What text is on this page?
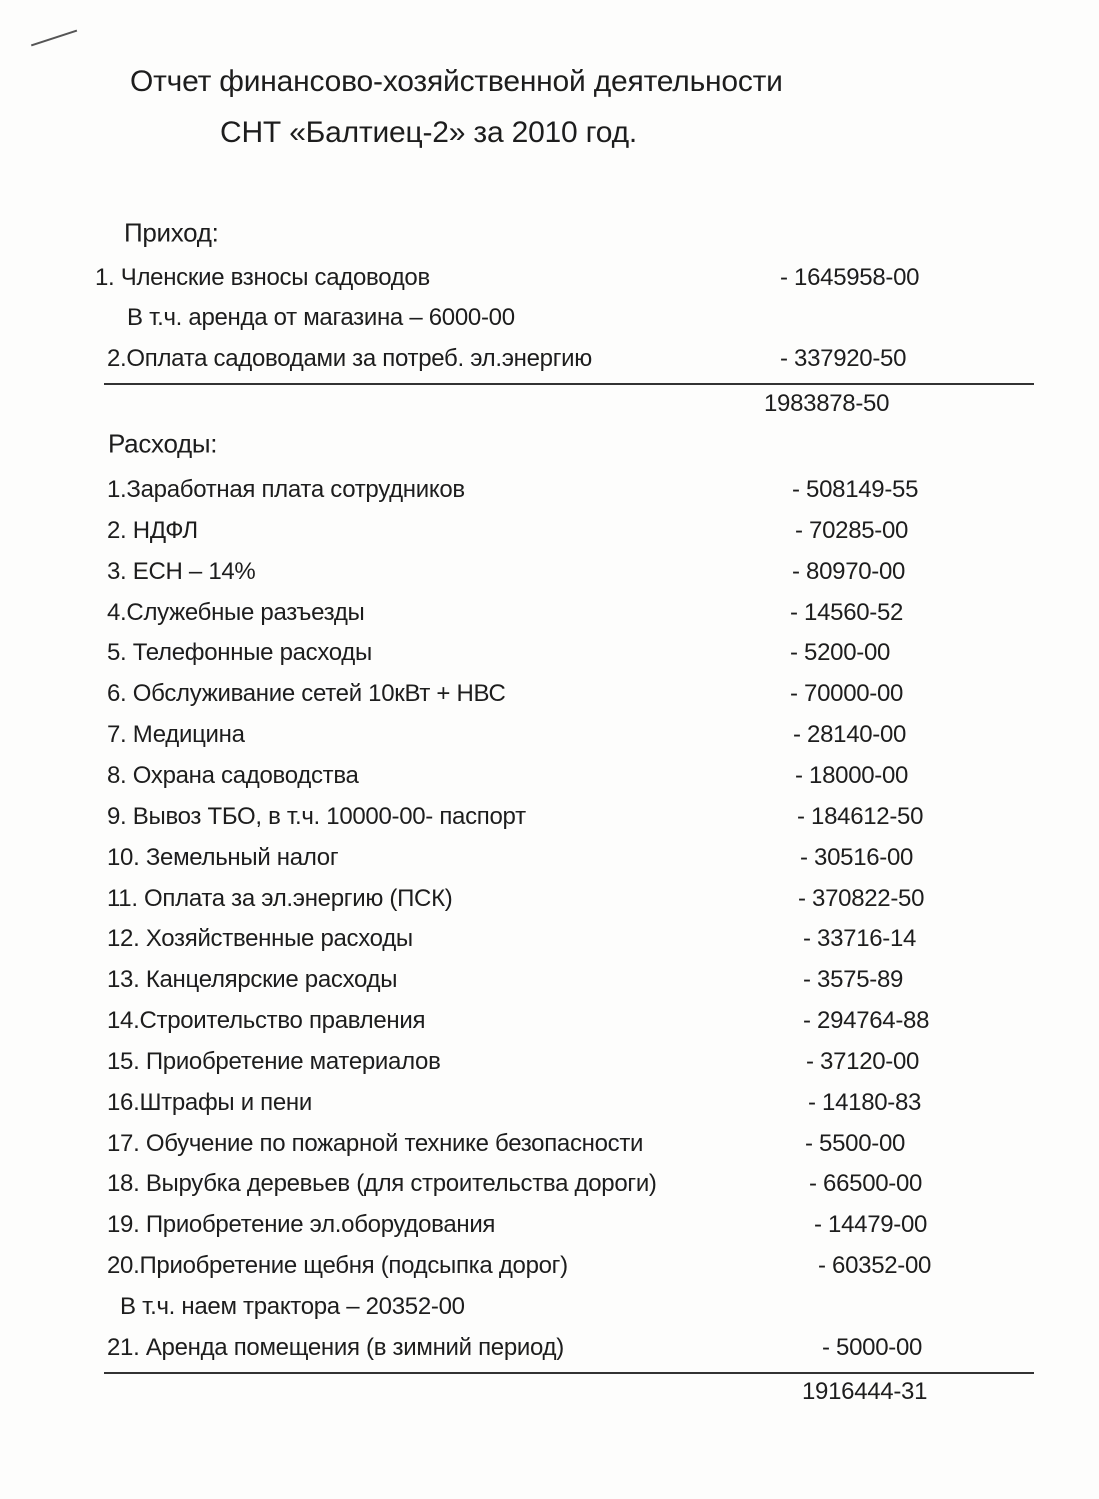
Отчет финансово-хозяйственной деятельности
СНТ «Балтиец-2» за 2010 год.
Приход:
1. Членские взносы садоводов	- 1645958-00
В т.ч. аренда от магазина – 6000-00
2.Оплата садоводами за потреб. эл.энергию	- 337920-50
1983878-50
Расходы:
1.Заработная плата сотрудников	- 508149-55
2. НДФЛ	- 70285-00
3. ЕСН – 14%	- 80970-00
4.Служебные разъезды	- 14560-52
5. Телефонные расходы	- 5200-00
6. Обслуживание сетей 10кВт + НВС	- 70000-00
7. Медицина	- 28140-00
8. Охрана садоводства	- 18000-00
9. Вывоз ТБО, в т.ч. 10000-00- паспорт	- 184612-50
10. Земельный налог	- 30516-00
11. Оплата за эл.энергию (ПСК)	- 370822-50
12. Хозяйственные расходы	- 33716-14
13. Канцелярские расходы	- 3575-89
14.Строительство правления	- 294764-88
15. Приобретение материалов	- 37120-00
16.Штрафы и пени	- 14180-83
17. Обучение по пожарной технике безопасности	- 5500-00
18. Вырубка деревьев (для строительства дороги)	- 66500-00
19. Приобретение эл.оборудования	- 14479-00
20.Приобретение щебня (подсыпка дорог)	- 60352-00
В т.ч. наем трактора – 20352-00
21. Аренда помещения (в зимний период)	- 5000-00
1916444-31
